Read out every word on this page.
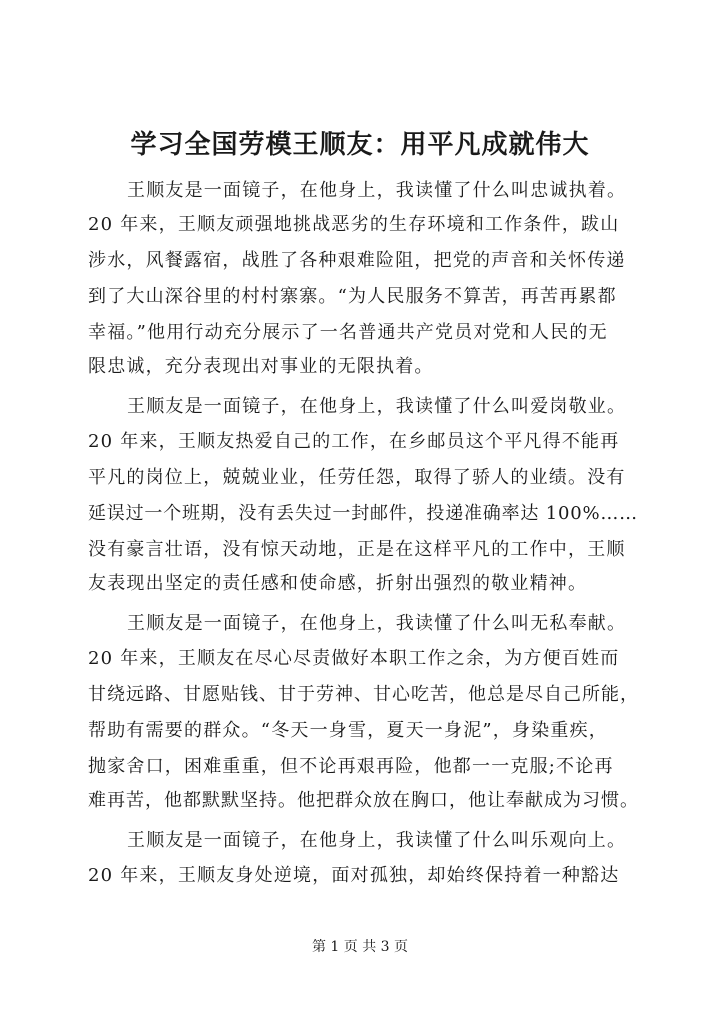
学习全国劳模王顺友：用平凡成就伟大
王顺友是一面镜子，在他身上，我读懂了什么叫忠诚执着。
20 年来，王顺友顽强地挑战恶劣的生存环境和工作条件，跋山
涉水，风餐露宿，战胜了各种艰难险阻，把党的声音和关怀传递
到了大山深谷里的村村寨寨。“为人民服务不算苦，再苦再累都
幸福。”他用行动充分展示了一名普通共产党员对党和人民的无
限忠诚，充分表现出对事业的无限执着。
王顺友是一面镜子，在他身上，我读懂了什么叫爱岗敬业。
20 年来，王顺友热爱自己的工作，在乡邮员这个平凡得不能再
平凡的岗位上，兢兢业业，任劳任怨，取得了骄人的业绩。没有
延误过一个班期，没有丢失过一封邮件，投递准确率达 100%……
没有豪言壮语，没有惊天动地，正是在这样平凡的工作中，王顺
友表现出坚定的责任感和使命感，折射出强烈的敬业精神。
王顺友是一面镜子，在他身上，我读懂了什么叫无私奉献。
20 年来，王顺友在尽心尽责做好本职工作之余，为方便百姓而
甘绕远路、甘愿贴钱、甘于劳神、甘心吃苦，他总是尽自己所能，
帮助有需要的群众。“冬天一身雪，夏天一身泥”，身染重疾，
抛家舍口，困难重重，但不论再艰再险，他都一一克服;不论再
难再苦，他都默默坚持。他把群众放在胸口，他让奉献成为习惯。
王顺友是一面镜子，在他身上，我读懂了什么叫乐观向上。
20 年来，王顺友身处逆境，面对孤独，却始终保持着一种豁达
第 1 页 共 3 页
